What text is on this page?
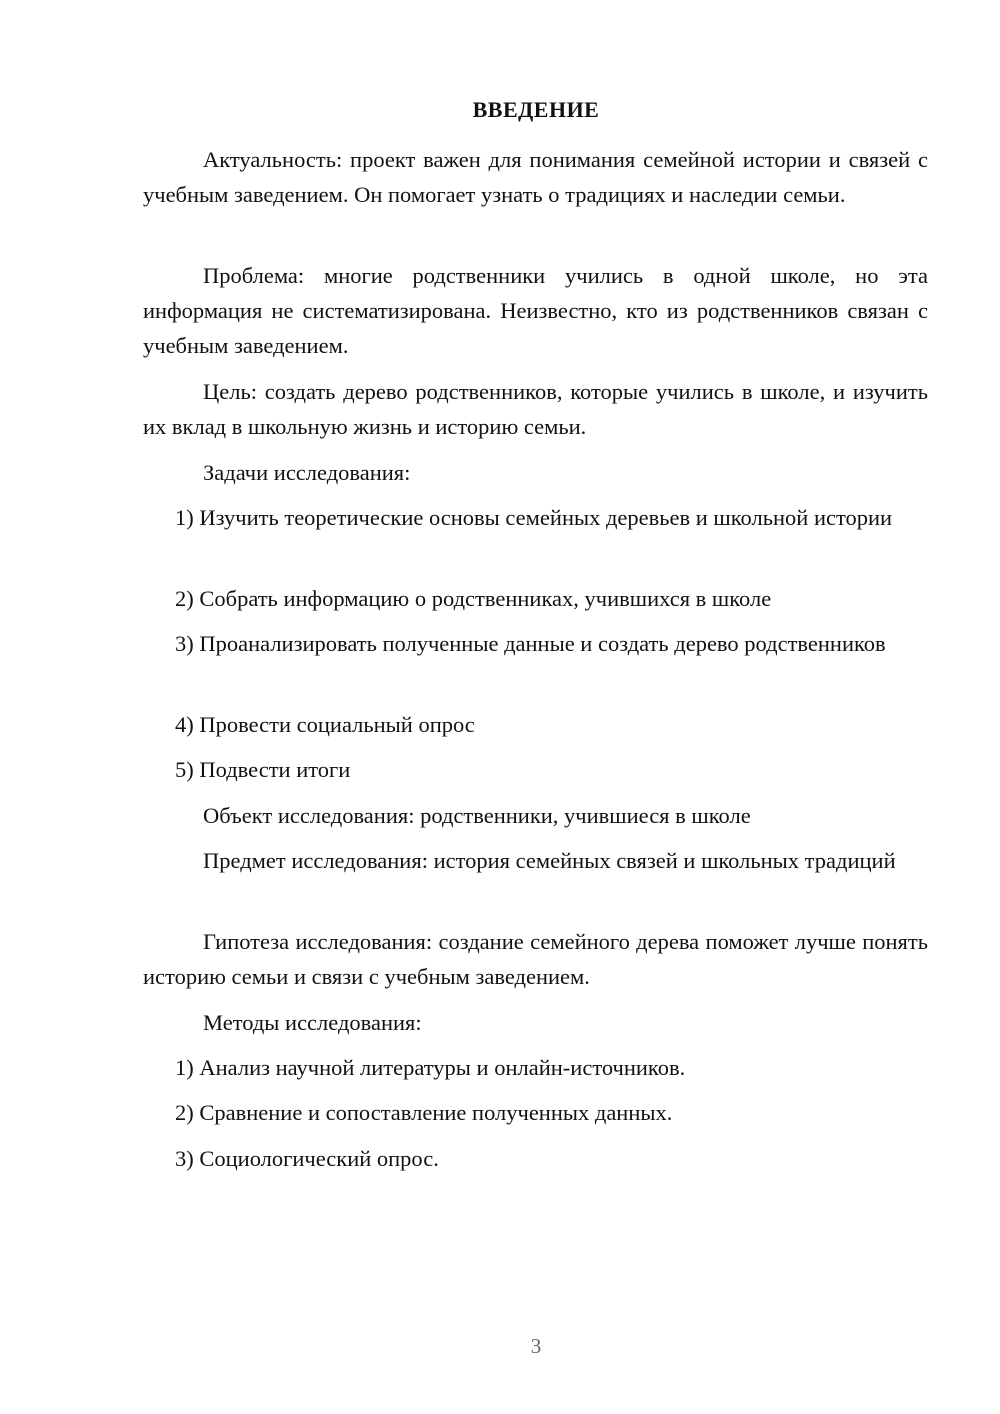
ВВЕДЕНИЕ

Актуальность: проект важен для понимания семейной истории и связей с учебным заведением. Он помогает узнать о традициях и наследии семьи.

Проблема: многие родственники учились в одной школе, но эта информация не систематизирована. Неизвестно, кто из родственников связан с учебным заведением.

Цель: создать дерево родственников, которые учились в школе, и изучить их вклад в школьную жизнь и историю семьи.

Задачи исследования:

1) Изучить теоретические основы семейных деревьев и школьной истории

2) Собрать информацию о родственниках, учившихся в школе

3) Проанализировать полученные данные и создать дерево родственников

4) Провести социальный опрос

5) Подвести итоги

Объект исследования: родственники, учившиеся в школе

Предмет исследования: история семейных связей и школьных традиций

Гипотеза исследования: создание семейного дерева поможет лучше понять историю семьи и связи с учебным заведением.

Методы исследования:

1) Анализ научной литературы и онлайн-источников.

2) Сравнение и сопоставление полученных данных.

3) Социологический опрос.

3
